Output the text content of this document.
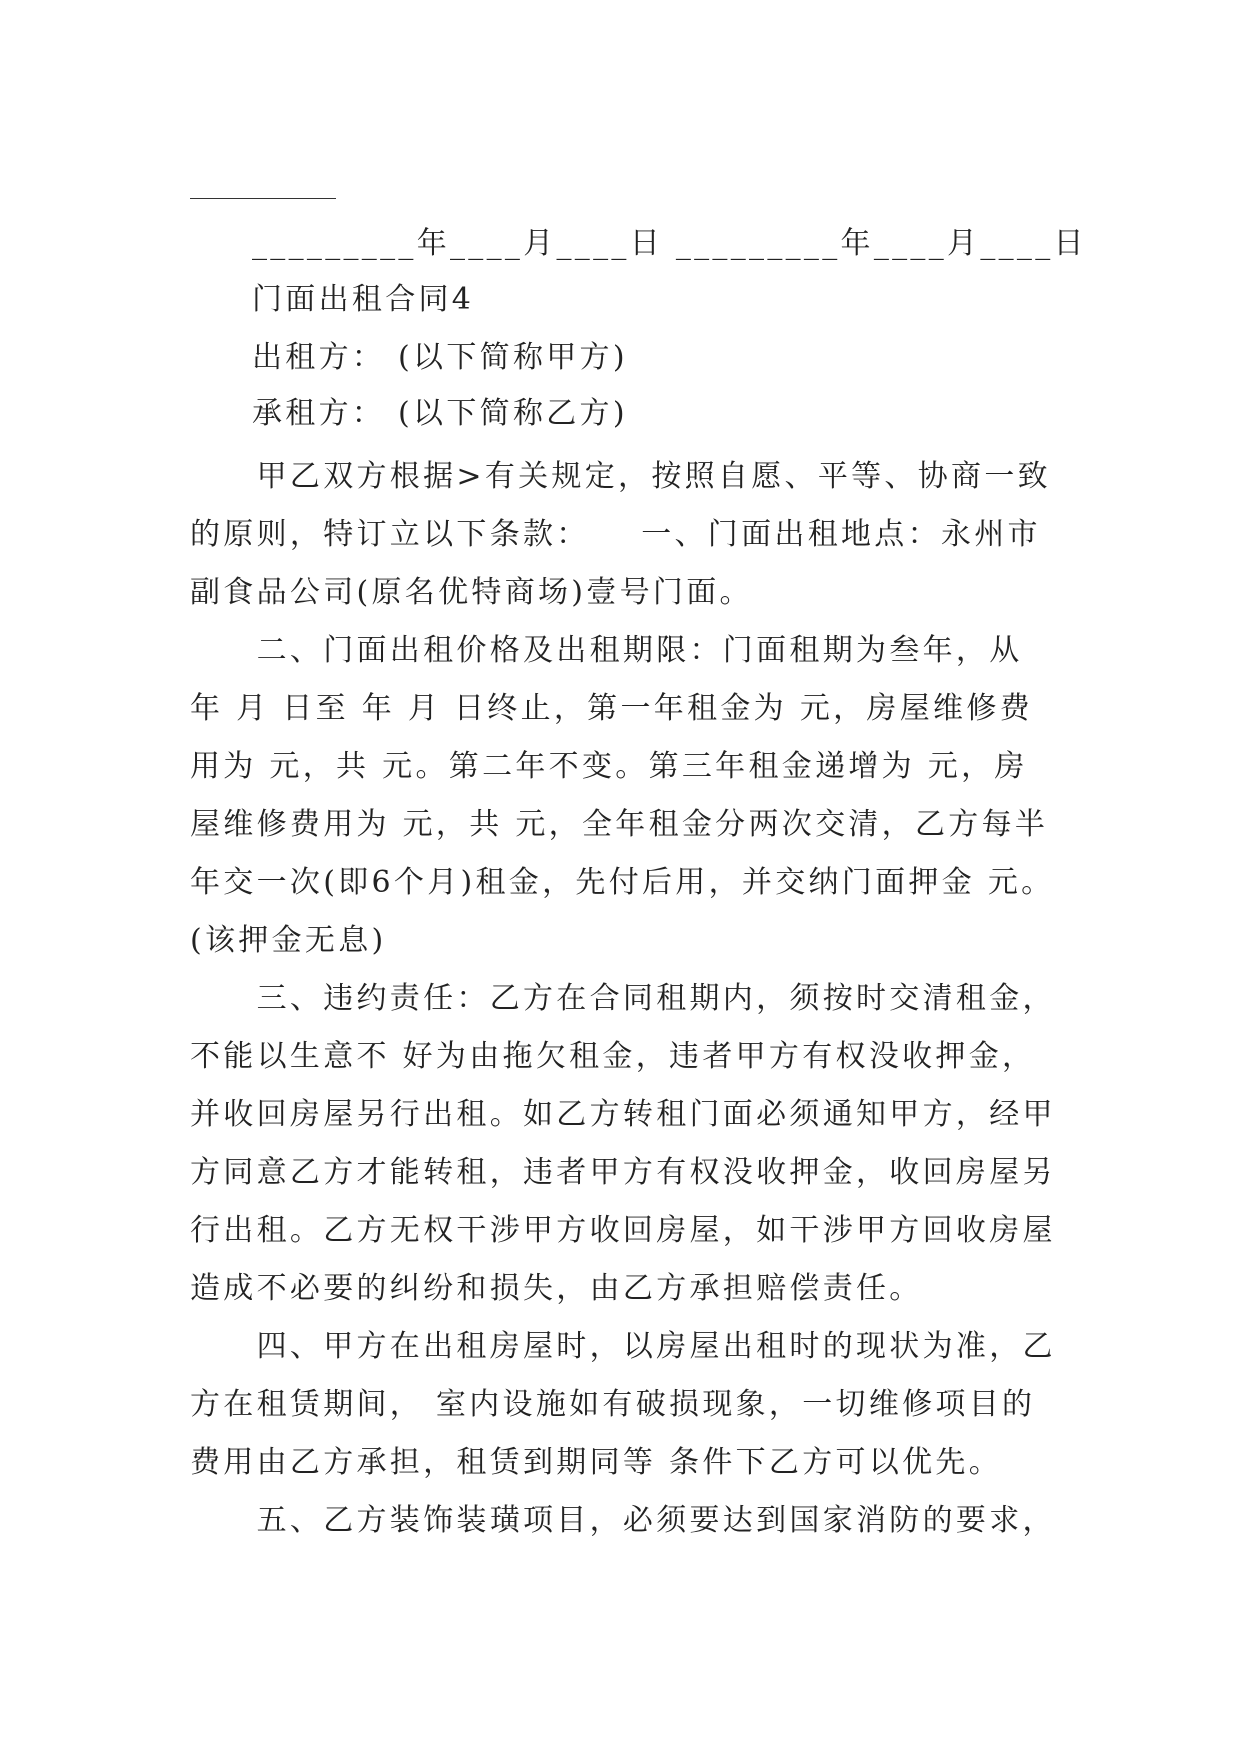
_________年____月____日 _________年____月____日
门面出租合同4
出租方： (以下简称甲方)
承租方： (以下简称乙方)
　　甲乙双方根据>有关规定，按照自愿、平等、协商一致
的原则，特订立以下条款：　　一、门面出租地点：永州市
副食品公司(原名优特商场)壹号门面。
　　二、门面出租价格及出租期限：门面租期为叁年，从
年 月 日至 年 月 日终止，第一年租金为 元，房屋维修费
用为 元，共 元。第二年不变。第三年租金递增为 元，房
屋维修费用为 元，共 元，全年租金分两次交清，乙方每半
年交一次(即6个月)租金，先付后用，并交纳门面押金 元。
(该押金无息)
　　三、违约责任：乙方在合同租期内，须按时交清租金，
不能以生意不 好为由拖欠租金，违者甲方有权没收押金，
并收回房屋另行出租。如乙方转租门面必须通知甲方，经甲
方同意乙方才能转租，违者甲方有权没收押金，收回房屋另
行出租。乙方无权干涉甲方收回房屋，如干涉甲方回收房屋
造成不必要的纠纷和损失，由乙方承担赔偿责任。
　　四、甲方在出租房屋时，以房屋出租时的现状为准，乙
方在租赁期间， 室内设施如有破损现象，一切维修项目的
费用由乙方承担，租赁到期同等 条件下乙方可以优先。
　　五、乙方装饰装璜项目，必须要达到国家消防的要求，
